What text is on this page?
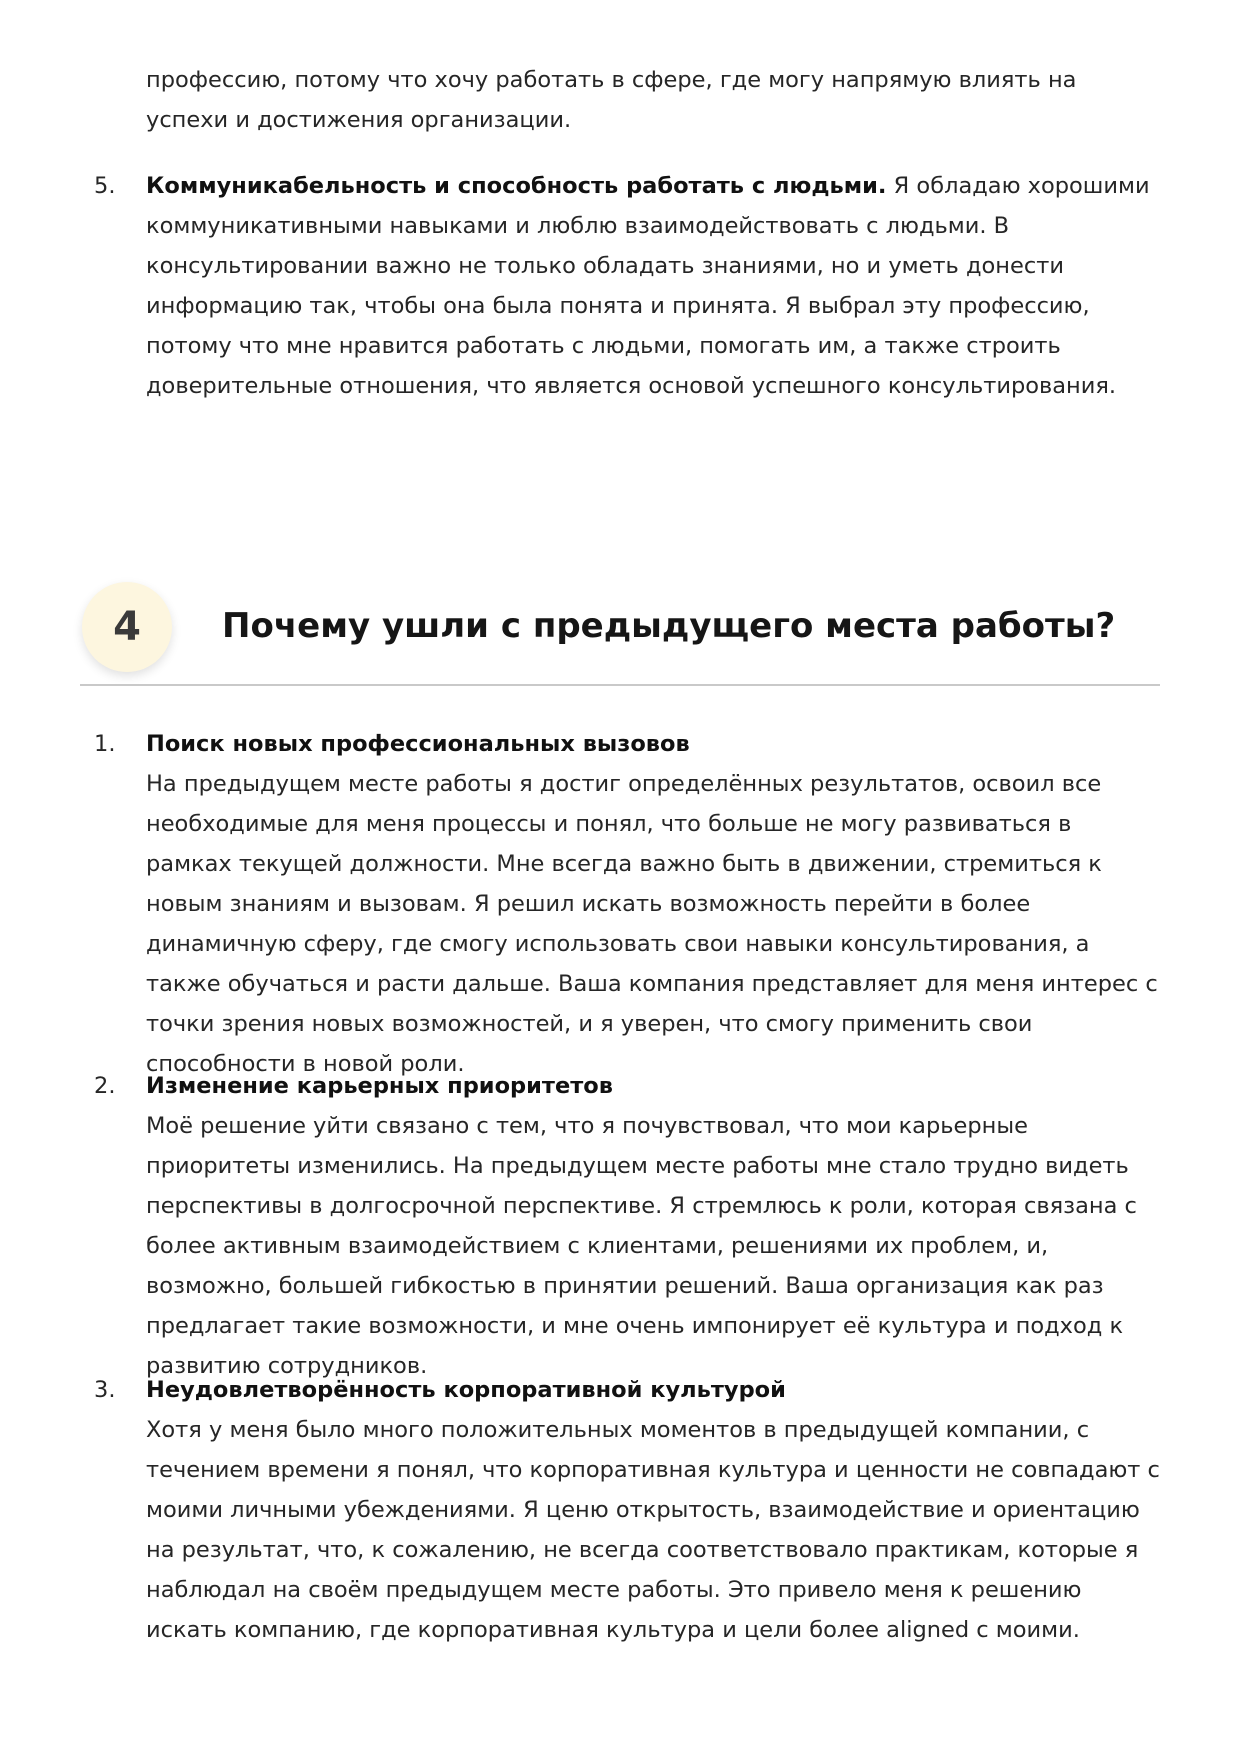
профессию, потому что хочу работать в сфере, где могу напрямую влиять на успехи и достижения организации.

5.	Коммуникабельность и способность работать с людьми. Я обладаю хорошими коммуникативными навыками и люблю взаимодействовать с людьми. В консультировании важно не только обладать знаниями, но и уметь донести информацию так, чтобы она была понята и принята. Я выбрал эту профессию, потому что мне нравится работать с людьми, помогать им, а также строить доверительные отношения, что является основой успешного консультирования.

4	Почему ушли с предыдущего места работы?
1. Поиск новых профессиональных вызовов

На предыдущем месте работы я достиг определённых результатов, освоил все необходимые для меня процессы и понял, что больше не могу развиваться в рамках текущей должности. Мне всегда важно быть в движении, стремиться к новым знаниям и вызовам. Я решил искать возможность перейти в более динамичную сферу, где смогу использовать свои навыки консультирования, а также обучаться и расти дальше. Ваша компания представляет для меня интерес с точки зрения новых возможностей, и я уверен, что смогу применить свои способности в новой роли.

2. Изменение карьерных приоритетов

Моё решение уйти связано с тем, что я почувствовал, что мои карьерные приоритеты изменились. На предыдущем месте работы мне стало трудно видеть перспективы в долгосрочной перспективе. Я стремлюсь к роли, которая связана с более активным взаимодействием с клиентами, решениями их проблем, и, возможно, большей гибкостью в принятии решений. Ваша организация как раз предлагает такие возможности, и мне очень импонирует её культура и подход к развитию сотрудников.

3. Неудовлетворённость корпоративной культурой

Хотя у меня было много положительных моментов в предыдущей компании, с течением времени я понял, что корпоративная культура и ценности не совпадают с моими личными убеждениями. Я ценю открытость, взаимодействие и ориентацию на результат, что, к сожалению, не всегда соответствовало практикам, которые я наблюдал на своём предыдущем месте работы. Это привело меня к решению искать компанию, где корпоративная культура и цели более aligned с моими.
